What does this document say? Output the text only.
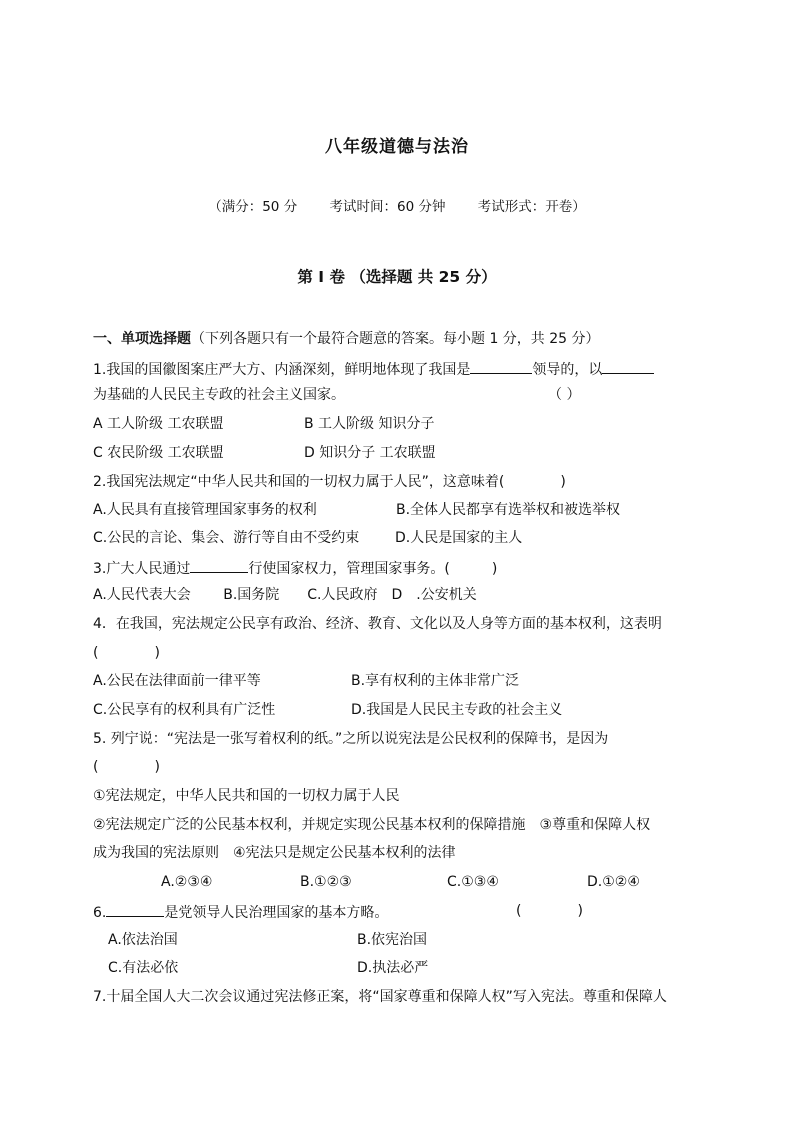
八年级道德与法治
（满分：50 分 考试时间：60 分钟 考试形式：开卷）
第 I 卷 （选择题 共 25 分）
一、单项选择题（下列各题只有一个最符合题意的答案。每小题 1 分，共 25 分）
1.我国的国徽图案庄严大方、内涵深刻，鲜明地体现了我国是	领导的，以
为基础的人民民主专政的社会主义国家。	（ ）
A 工人阶级 工农联盟	B 工人阶级 知识分子
C 农民阶级 工农联盟	D 知识分子 工农联盟
2.我国宪法规定“中华人民共和国的一切权力属于人民”，这意味着(　　　　)
A.人民具有直接管理国家事务的权利	B.全体人民都享有选举权和被选举权
C.公民的言论、集会、游行等自由不受约束	D.人民是国家的主人
3.广大人民通过	行使国家权力，管理国家事务。(　　　)
A.人民代表大会　　 B.国务院　　C.人民政府　D　.公安机关
4．在我国，宪法规定公民享有政治、经济、教育、文化以及人身等方面的基本权利，这表明
(　　　　)
A.公民在法律面前一律平等	B.享有权利的主体非常广泛
C.公民享有的权利具有广泛性	D.我国是人民民主专政的社会主义
5. 列宁说：“宪法是一张写着权利的纸。”之所以说宪法是公民权利的保障书，是因为
(　　　　)
①宪法规定，中华人民共和国的一切权力属于人民
②宪法规定广泛的公民基本权利，并规定实现公民基本权利的保障措施　③尊重和保障人权
成为我国的宪法原则　④宪法只是规定公民基本权利的法律
A.②③④	B.①②③	C.①③④	D.①②④
6.	是党领导人民治理国家的基本方略。	(　　　　)
A.依法治国	B.依宪治国
C.有法必依	D.执法必严
7.十届全国人大二次会议通过宪法修正案，将“国家尊重和保障人权”写入宪法。尊重和保障人
